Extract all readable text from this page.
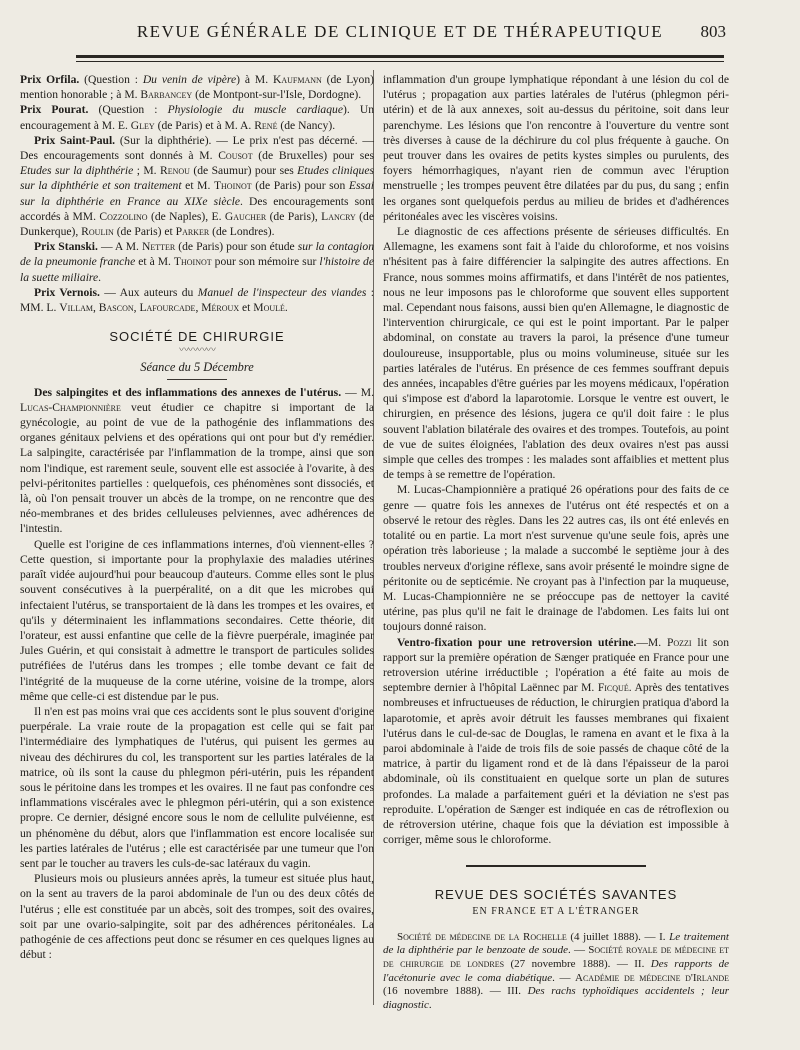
REVUE GÉNÉRALE DE CLINIQUE ET DE THÉRAPEUTIQUE	803

Prix Orfila. (Question : Du venin de vipère) à M. Kaufmann (de Lyon) mention honorable ; à M. Barbancey (de Montpont-sur-l'Isle, Dordogne).

Prix Pourat. (Question : Physiologie du muscle cardiaque). Un encouragement à M. E. Gley (de Paris) et à M. A. René (de Nancy).

Prix Saint-Paul. (Sur la diphthérie). — Le prix n'est pas décerné. — Des encouragements sont donnés à M. Cousot (de Bruxelles) pour ses Etudes sur la diphthérie ; M. Renou (de Saumur) pour ses Etudes cliniques sur la diphthérie et son traitement et M. Thoinot (de Paris) pour son Essai sur la diphthérie en France au XIXe siècle. Des encouragements sont accordés à MM. Cozzolino (de Naples), E. Gaucher (de Paris), Lancry (de Dunkerque), Roulin (de Paris) et Parker (de Londres).

Prix Stanski. — A M. Netter (de Paris) pour son étude sur la contagion de la pneumonie franche et à M. Thoinot pour son mémoire sur l'histoire de la suette miliaire.

Prix Vernois. — Aux auteurs du Manuel de l'inspecteur des viandes : MM. L. Villam, Bascon, Lafourcade, Méroux et Moulé.

SOCIÉTÉ DE CHIRURGIE
〰〰〰〰
Séance du 5 Décembre

Des salpingites et des inflammations des annexes de l'utérus. — M. Lucas-Championnière veut étudier ce chapitre si important de la gynécologie, au point de vue de la pathogénie des inflammations des organes génitaux pelviens et des opérations qui ont pour but d'y remédier. La salpingite, caractérisée par l'inflammation de la trompe, ainsi que son nom l'indique, est rarement seule, souvent elle est associée à l'ovarite, à des pelvi-péritonites partielles : quelquefois, ces phénomènes sont dissociés, et là, où l'on pensait trouver un abcès de la trompe, on ne rencontre que des néo-membranes et des brides celluleuses pelviennes, avec adhérences de l'intestin.

Quelle est l'origine de ces inflammations internes, d'où viennent-elles ? Cette question, si importante pour la prophylaxie des maladies utérines paraît vidée aujourd'hui pour beaucoup d'auteurs. Comme elles sont le plus souvent consécutives à la puerpéralité, on a dit que les microbes qui infectaient l'utérus, se transportaient de là dans les trompes et les ovaires, et qu'ils y déterminaient les inflammations secondaires. Cette théorie, dit l'orateur, est aussi enfantine que celle de la fièvre puerpérale, imaginée par Jules Guérin, et qui consistait à admettre le transport de particules solides putréfiées de l'utérus dans les trompes ; elle tombe devant ce fait de l'intégrité de la muqueuse de la corne utérine, voisine de la trompe, alors même que celle-ci est distendue par le pus.

Il n'en est pas moins vrai que ces accidents sont le plus souvent d'origine puerpérale. La vraie route de la propagation est celle qui se fait par l'intermédiaire des lymphatiques de l'utérus, qui puisent les germes au niveau des déchirures du col, les transportent sur les parties latérales de la matrice, où ils sont la cause du phlegmon péri-utérin, puis les répandent sous le péritoine dans les trompes et les ovaires. Il ne faut pas confondre ces inflammations viscérales avec le phlegmon péri-utérin, qui a son existence propre. Ce dernier, désigné encore sous le nom de cellulite pulvéienne, est un phénomène du début, alors que l'inflammation est encore localisée sur les parties latérales de l'utérus ; elle est caractérisée par une tumeur que l'on sent par le toucher au travers les culs-de-sac latéraux du vagin.

Plusieurs mois ou plusieurs années après, la tumeur est située plus haut, on la sent au travers de la paroi abdominale de l'un ou des deux côtés de l'utérus ; elle est constituée par un abcès, soit des trompes, soit des ovaires, soit par une ovario-salpingite, soit par des adhérences péritonéales. La pathogénie de ces affections peut donc se résumer en ces quelques lignes au début :

inflammation d'un groupe lymphatique répondant à une lésion du col de l'utérus ; propagation aux parties latérales de l'utérus (phlegmon péri-utérin) et de là aux annexes, soit au-dessus du péritoine, soit dans leur parenchyme. Les lésions que l'on rencontre à l'ouverture du ventre sont très diverses à cause de la déchirure du col plus fréquente à gauche. On peut trouver dans les ovaires de petits kystes simples ou purulents, des foyers hémorrhagiques, n'ayant rien de commun avec l'éruption menstruelle ; les trompes peuvent être dilatées par du pus, du sang ; enfin les organes sont quelquefois perdus au milieu de brides et d'adhérences péritonéales avec les viscères voisins.

Le diagnostic de ces affections présente de sérieuses difficultés. En Allemagne, les examens sont fait à l'aide du chloroforme, et nos voisins n'hésitent pas à faire différencier la salpingite des autres affections. En France, nous sommes moins affirmatifs, et dans l'intérêt de nos patientes, nous ne leur imposons pas le chloroforme que souvent elles supportent mal. Cependant nous faisons, aussi bien qu'en Allemagne, le diagnostic de l'intervention chirurgicale, ce qui est le point important. Par le palper abdominal, on constate au travers la paroi, la présence d'une tumeur douloureuse, insupportable, plus ou moins volumineuse, située sur les parties latérales de l'utérus. En présence de ces femmes souffrant depuis des années, incapables d'être guéries par les moyens médicaux, l'opération qui s'impose est d'abord la laparotomie. Lorsque le ventre est ouvert, le chirurgien, en présence des lésions, jugera ce qu'il doit faire : le plus souvent l'ablation bilatérale des ovaires et des trompes. Toutefois, au point de vue de suites éloignées, l'ablation des deux ovaires n'est pas aussi simple que celles des trompes : les malades sont affaiblies et mettent plus de temps à se remettre de l'opération.

M. Lucas-Championnière a pratiqué 26 opérations pour des faits de ce genre — quatre fois les annexes de l'utérus ont été respectés et on a observé le retour des règles. Dans les 22 autres cas, ils ont été enlevés en totalité ou en partie. La mort n'est survenue qu'une seule fois, après une opération très laborieuse ; la malade a succombé le septième jour à des troubles nerveux d'origine réflexe, sans avoir présenté le moindre signe de péritonite ou de septicémie. Ne croyant pas à l'infection par la muqueuse, M. Lucas-Championnière ne se préoccupe pas de nettoyer la cavité utérine, pas plus qu'il ne fait le drainage de l'abdomen. Les faits lui ont toujours donné raison.

Ventro-fixation pour une retroversion utérine.—M. Pozzi lit son rapport sur la première opération de Sænger pratiquée en France pour une retroversion utérine irréductible ; l'opération a été faite au mois de septembre dernier à l'hôpital Laënnec par M. Ficqué. Après des tentatives nombreuses et infructueuses de réduction, le chirurgien pratiqua d'abord la laparotomie, et après avoir détruit les fausses membranes qui fixaient l'utérus dans le cul-de-sac de Douglas, le ramena en avant et le fixa à la paroi abdominale à l'aide de trois fils de soie passés de chaque côté de la matrice, à partir du ligament rond et de là dans l'épaisseur de la paroi abdominale, où ils constituaient en quelque sorte un plan de sutures profondes. La malade a parfaitement guéri et la déviation ne s'est pas reproduite. L'opération de Sænger est indiquée en cas de rétroflexion ou de rétroversion utérine, chaque fois que la déviation est impossible à corriger, même sous le chloroforme.

REVUE DES SOCIÉTÉS SAVANTES
EN FRANCE ET A L'ÉTRANGER

Société de médecine de la Rochelle (4 juillet 1888). — I. Le traitement de la diphthérie par le benzoate de soude. — Société royale de médecine et de chirurgie de londres (27 novembre 1888). — II. Des rapports de l'acétonurie avec le coma diabétique. — Académie de médecine d'Irlande (16 novembre 1888). — III. Des rachs typhoïdiques accidentels ; leur diagnostic.
